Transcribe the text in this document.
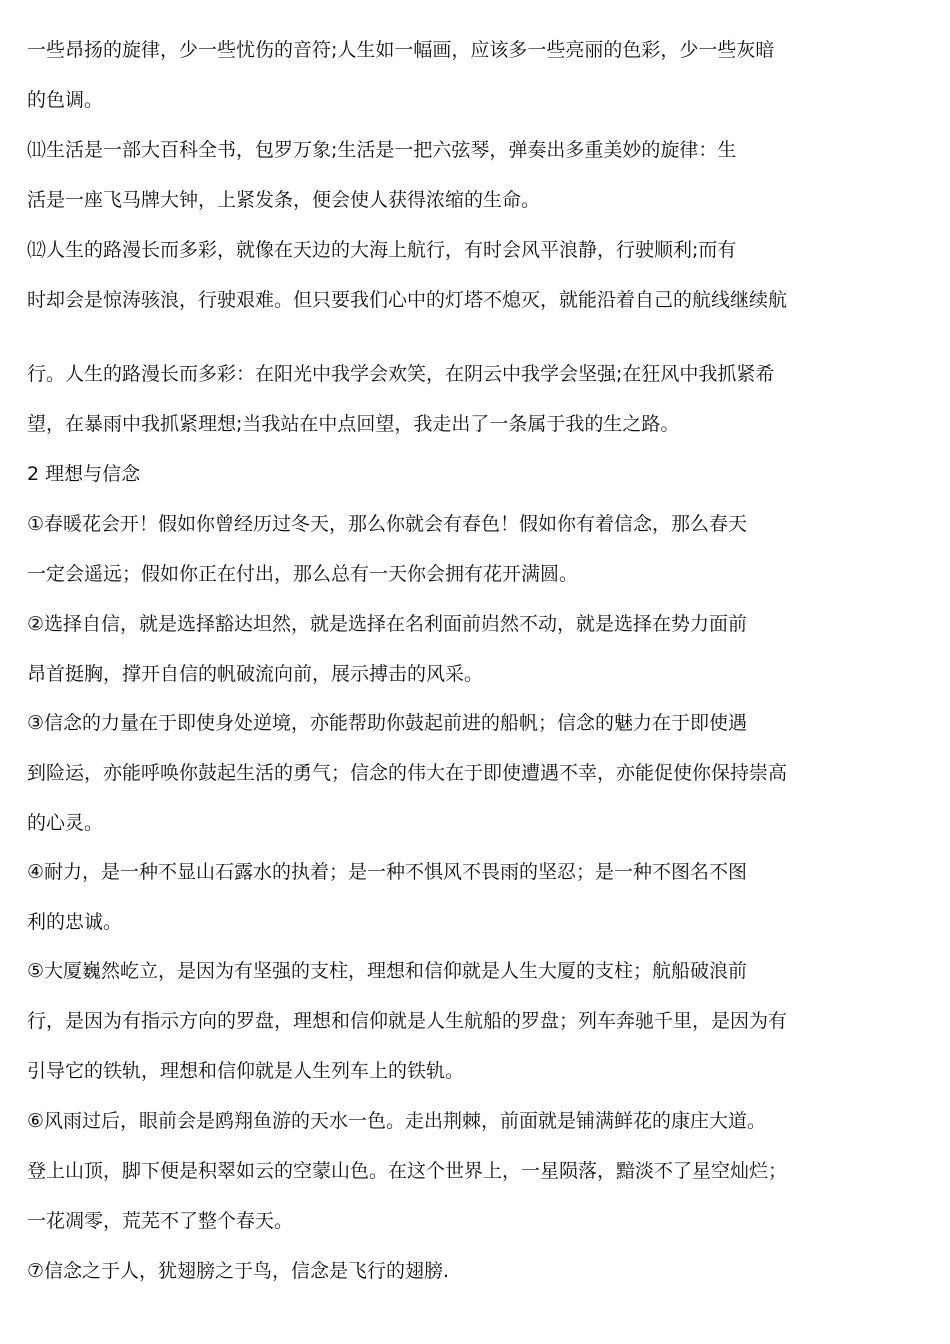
一些昂扬的旋律，少一些忧伤的音符;人生如一幅画，应该多一些亮丽的色彩，少一些灰暗
的色调。
⑾生活是一部大百科全书，包罗万象;生活是一把六弦琴，弹奏出多重美妙的旋律：生
活是一座飞马牌大钟，上紧发条，便会使人获得浓缩的生命。
⑿人生的路漫长而多彩，就像在天边的大海上航行，有时会风平浪静，行驶顺利;而有
时却会是惊涛骇浪，行驶艰难。但只要我们心中的灯塔不熄灭，就能沿着自己的航线继续航
行。人生的路漫长而多彩：在阳光中我学会欢笑，在阴云中我学会坚强;在狂风中我抓紧希
望，在暴雨中我抓紧理想;当我站在中点回望，我走出了一条属于我的生之路。
2 理想与信念
①春暖花会开！假如你曾经历过冬天，那么你就会有春色！假如你有着信念，那么春天
一定会遥远；假如你正在付出，那么总有一天你会拥有花开满圆。
②选择自信，就是选择豁达坦然，就是选择在名利面前岿然不动，就是选择在势力面前
昂首挺胸，撑开自信的帆破流向前，展示搏击的风采。
③信念的力量在于即使身处逆境，亦能帮助你鼓起前进的船帆；信念的魅力在于即使遇
到险运，亦能呼唤你鼓起生活的勇气；信念的伟大在于即使遭遇不幸，亦能促使你保持崇高
的心灵。
④耐力，是一种不显山石露水的执着；是一种不惧风不畏雨的坚忍；是一种不图名不图
利的忠诚。
⑤大厦巍然屹立，是因为有坚强的支柱，理想和信仰就是人生大厦的支柱；航船破浪前
行，是因为有指示方向的罗盘，理想和信仰就是人生航船的罗盘；列车奔驰千里，是因为有
引导它的铁轨，理想和信仰就是人生列车上的铁轨。
⑥风雨过后，眼前会是鸥翔鱼游的天水一色。走出荆棘，前面就是铺满鲜花的康庄大道。
登上山顶，脚下便是积翠如云的空蒙山色。在这个世界上，一星陨落，黯淡不了星空灿烂；
一花凋零，荒芜不了整个春天。
⑦信念之于人，犹翅膀之于鸟，信念是飞行的翅膀.
